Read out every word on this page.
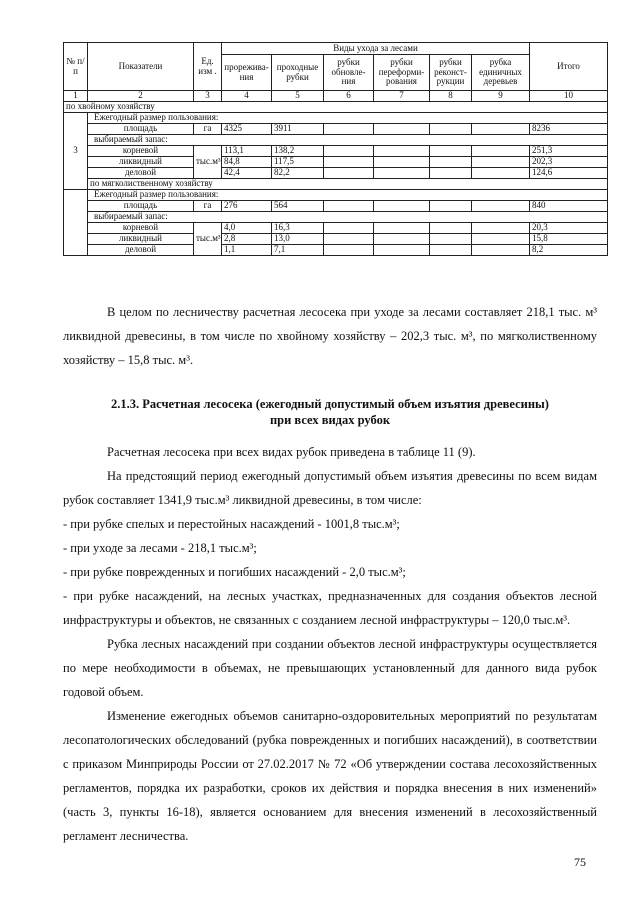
№ п/п	Показатели	Ед. изм .	Виды ухода за лесами						Итого
			прорежива-ния	проходные рубки	рубки обновле-ния	рубки переформи-рования	рубки реконст-рукции	рубка единичных деревьев	
1	2	3	4	5	6	7	8	9	10
по хвойному хозяйству									
3	Ежегодный размер пользования:								
	площадь	га	4325	3911					8236
	выбираемый запас:								
	корневой	тыс.м³	113,1	138,2					251,3
	ликвидный		84,8	117,5					202,3
	деловой		42,4	82,2					124,6
	по мягколиственному хозяйству								
	Ежегодный размер пользования:								
	площадь	га	276	564					840
	выбираемый запас:								
	корневой	тыс.м³	4,0	16,3					20,3
	ликвидный		2,8	13,0					15,8
	деловой		1,1	7,1					8,2

В целом по лесничеству расчетная лесосека при уходе за лесами составляет 218,1 тыс. м³ ликвидной древесины, в том числе по хвойному хозяйству – 202,3 тыс. м³, по мягколиственному хозяйству – 15,8 тыс. м³.

2.1.3. Расчетная лесосека (ежегодный допустимый объем изъятия древесины)
при всех видах рубок

Расчетная лесосека при всех видах рубок приведена в таблице 11 (9).

На предстоящий период ежегодный допустимый объем изъятия древесины по всем видам рубок составляет 1341,9 тыс.м³ ликвидной древесины, в том числе:

- при рубке спелых и перестойных насаждений - 1001,8 тыс.м³;

- при уходе за лесами - 218,1 тыс.м³;

- при рубке поврежденных и погибших насаждений - 2,0 тыс.м³;

- при рубке насаждений, на лесных участках, предназначенных для создания объектов лесной инфраструктуры и объектов, не связанных с созданием лесной инфраструктуры – 120,0 тыс.м³.

Рубка лесных насаждений при создании объектов лесной инфраструктуры осуществляется по мере необходимости в объемах, не превышающих установленный для данного вида рубок годовой объем.

Изменение ежегодных объемов санитарно-оздоровительных мероприятий по результатам лесопатологических обследований (рубка поврежденных и погибших насаждений), в соответствии с приказом Минприроды России от 27.02.2017 № 72 «Об утверждении состава лесохозяйственных регламентов, порядка их разработки, сроков их действия и порядка внесения в них изменений» (часть 3, пункты 16-18), является основанием для внесения изменений в лесохозяйственный регламент лесничества.

75
